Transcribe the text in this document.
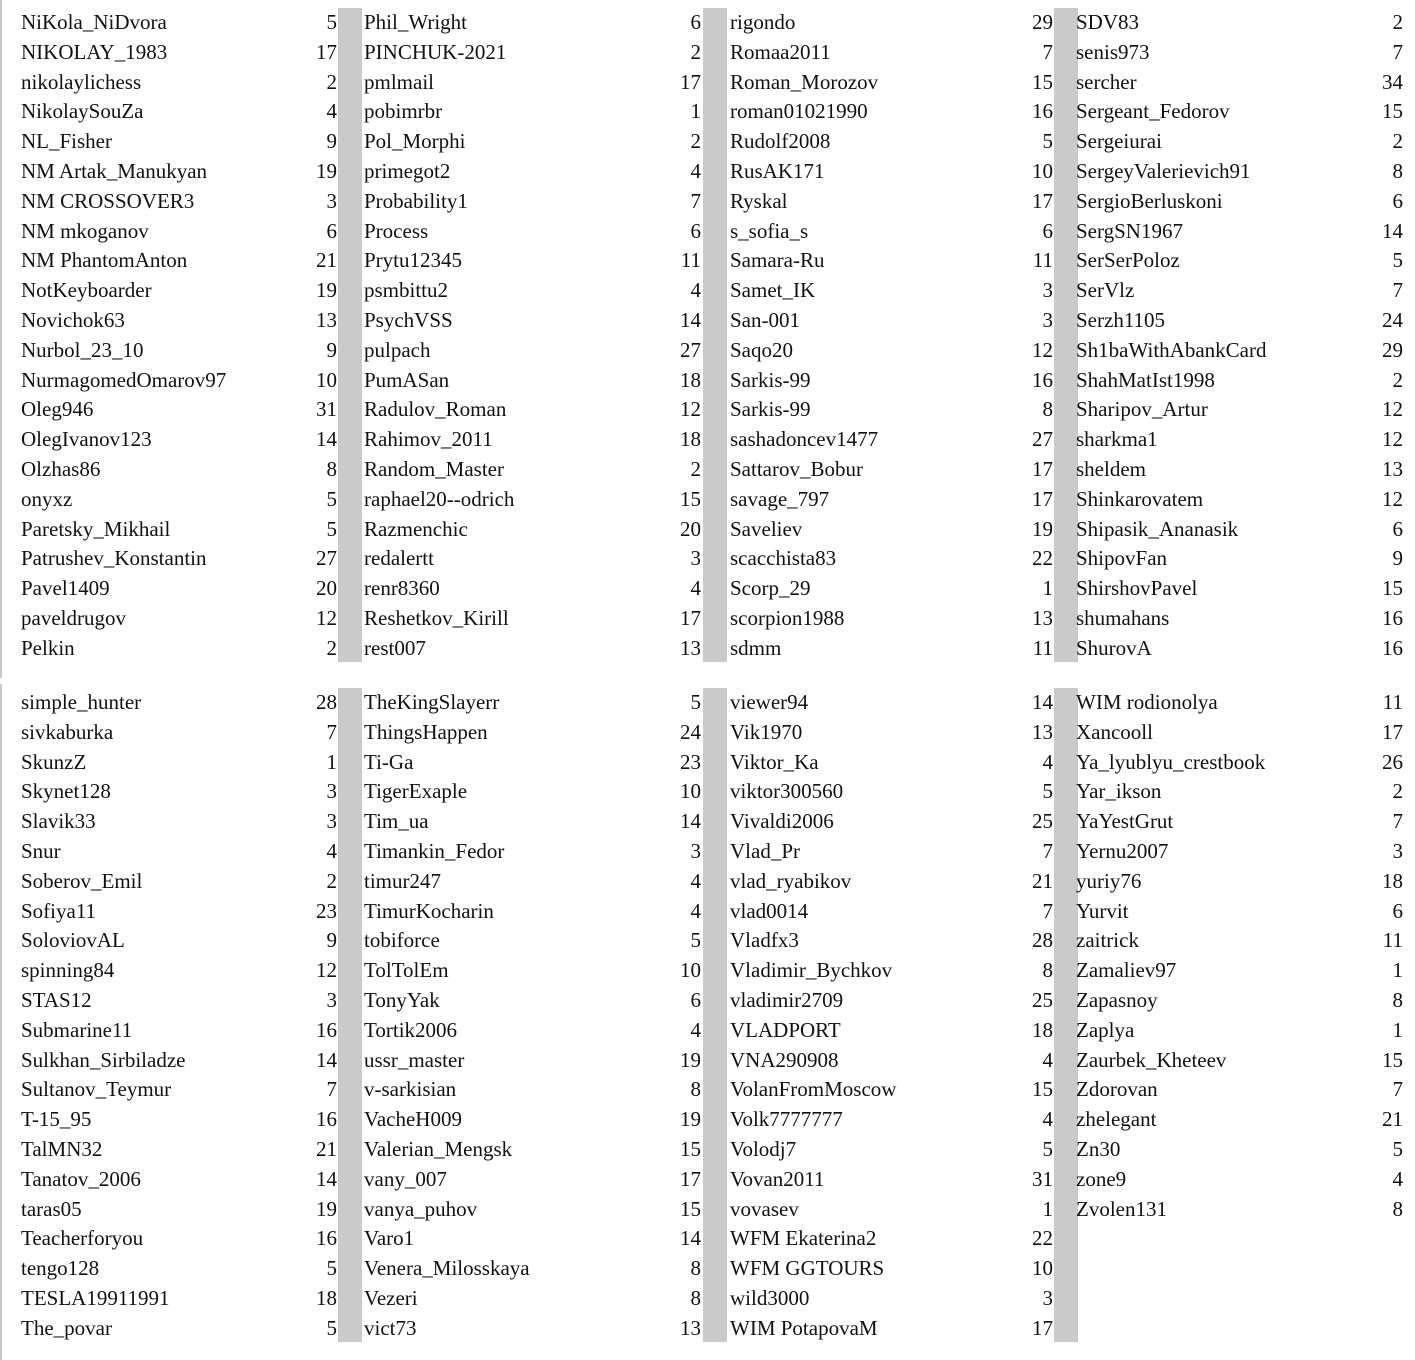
NiKola_NiDvora	5
NIKOLAY_1983	17
nikolaylichess	2
NikolaySouZa	4
NL_Fisher	9
NM Artak_Manukyan	19
NM CROSSOVER3	3
NM mkoganov	6
NM PhantomAnton	21
NotKeyboarder	19
Novichok63	13
Nurbol_23_10	9
NurmagomedOmarov97	10
Oleg946	31
OlegIvanov123	14
Olzhas86	8
onyxz	5
Paretsky_Mikhail	5
Patrushev_Konstantin	27
Pavel1409	20
paveldrugov	12
Pelkin	2
Phil_Wright	6
PINCHUK-2021	2
pmlmail	17
pobimrbr	1
Pol_Morphi	2
primegot2	4
Probability1	7
Process	6
Prytu12345	11
psmbittu2	4
PsychVSS	14
pulpach	27
PumASan	18
Radulov_Roman	12
Rahimov_2011	18
Random_Master	2
raphael20--odrich	15
Razmenchic	20
redalertt	3
renr8360	4
Reshetkov_Kirill	17
rest007	13
rigondo	29
Romaa2011	7
Roman_Morozov	15
roman01021990	16
Rudolf2008	5
RusAK171	10
Ryskal	17
s_sofia_s	6
Samara-Ru	11
Samet_IK	3
San-001	3
Saqo20	12
Sarkis-99	16
Sarkis-99	8
sashadoncev1477	27
Sattarov_Bobur	17
savage_797	17
Saveliev	19
scacchista83	22
Scorp_29	1
scorpion1988	13
sdmm	11
SDV83	2
senis973	7
sercher	34
Sergeant_Fedorov	15
Sergeiurai	2
SergeyValerievich91	8
SergioBerluskoni	6
SergSN1967	14
SerSerPoloz	5
SerVlz	7
Serzh1105	24
Sh1baWithAbankCard	29
ShahMatIst1998	2
Sharipov_Artur	12
sharkma1	12
sheldem	13
Shinkarovatem	12
Shipasik_Ananasik	6
ShipovFan	9
ShirshovPavel	15
shumahans	16
ShurovA	16
simple_hunter	28
sivkaburka	7
SkunzZ	1
Skynet128	3
Slavik33	3
Snur	4
Soberov_Emil	2
Sofiya11	23
SoloviovAL	9
spinning84	12
STAS12	3
Submarine11	16
Sulkhan_Sirbiladze	14
Sultanov_Teymur	7
T-15_95	16
TalMN32	21
Tanatov_2006	14
taras05	19
Teacherforyou	16
tengo128	5
TESLA19911991	18
The_povar	5
TheKingSlayerr	5
ThingsHappen	24
Ti-Ga	23
TigerExaple	10
Tim_ua	14
Timankin_Fedor	3
timur247	4
TimurKocharin	4
tobiforce	5
TolTolEm	10
TonyYak	6
Tortik2006	4
ussr_master	19
v-sarkisian	8
VacheH009	19
Valerian_Mengsk	15
vany_007	17
vanya_puhov	15
Varo1	14
Venera_Milosskaya	8
Vezeri	8
vict73	13
viewer94	14
Vik1970	13
Viktor_Ka	4
viktor300560	5
Vivaldi2006	25
Vlad_Pr	7
vlad_ryabikov	21
vlad0014	7
Vladfx3	28
Vladimir_Bychkov	8
vladimir2709	25
VLADPORT	18
VNA290908	4
VolanFromMoscow	15
Volk7777777	4
Volodj7	5
Vovan2011	31
vovasev	1
WFM Ekaterina2	22
WFM GGTOURS	10
wild3000	3
WIM PotapovaM	17
WIM rodionolya	11
Xancooll	17
Ya_lyublyu_crestbook	26
Yar_ikson	2
YaYestGrut	7
Yernu2007	3
yuriy76	18
Yurvit	6
zaitrick	11
Zamaliev97	1
Zapasnoy	8
Zaplya	1
Zaurbek_Kheteev	15
Zdorovan	7
zhelegant	21
Zn30	5
zone9	4
Zvolen131	8
